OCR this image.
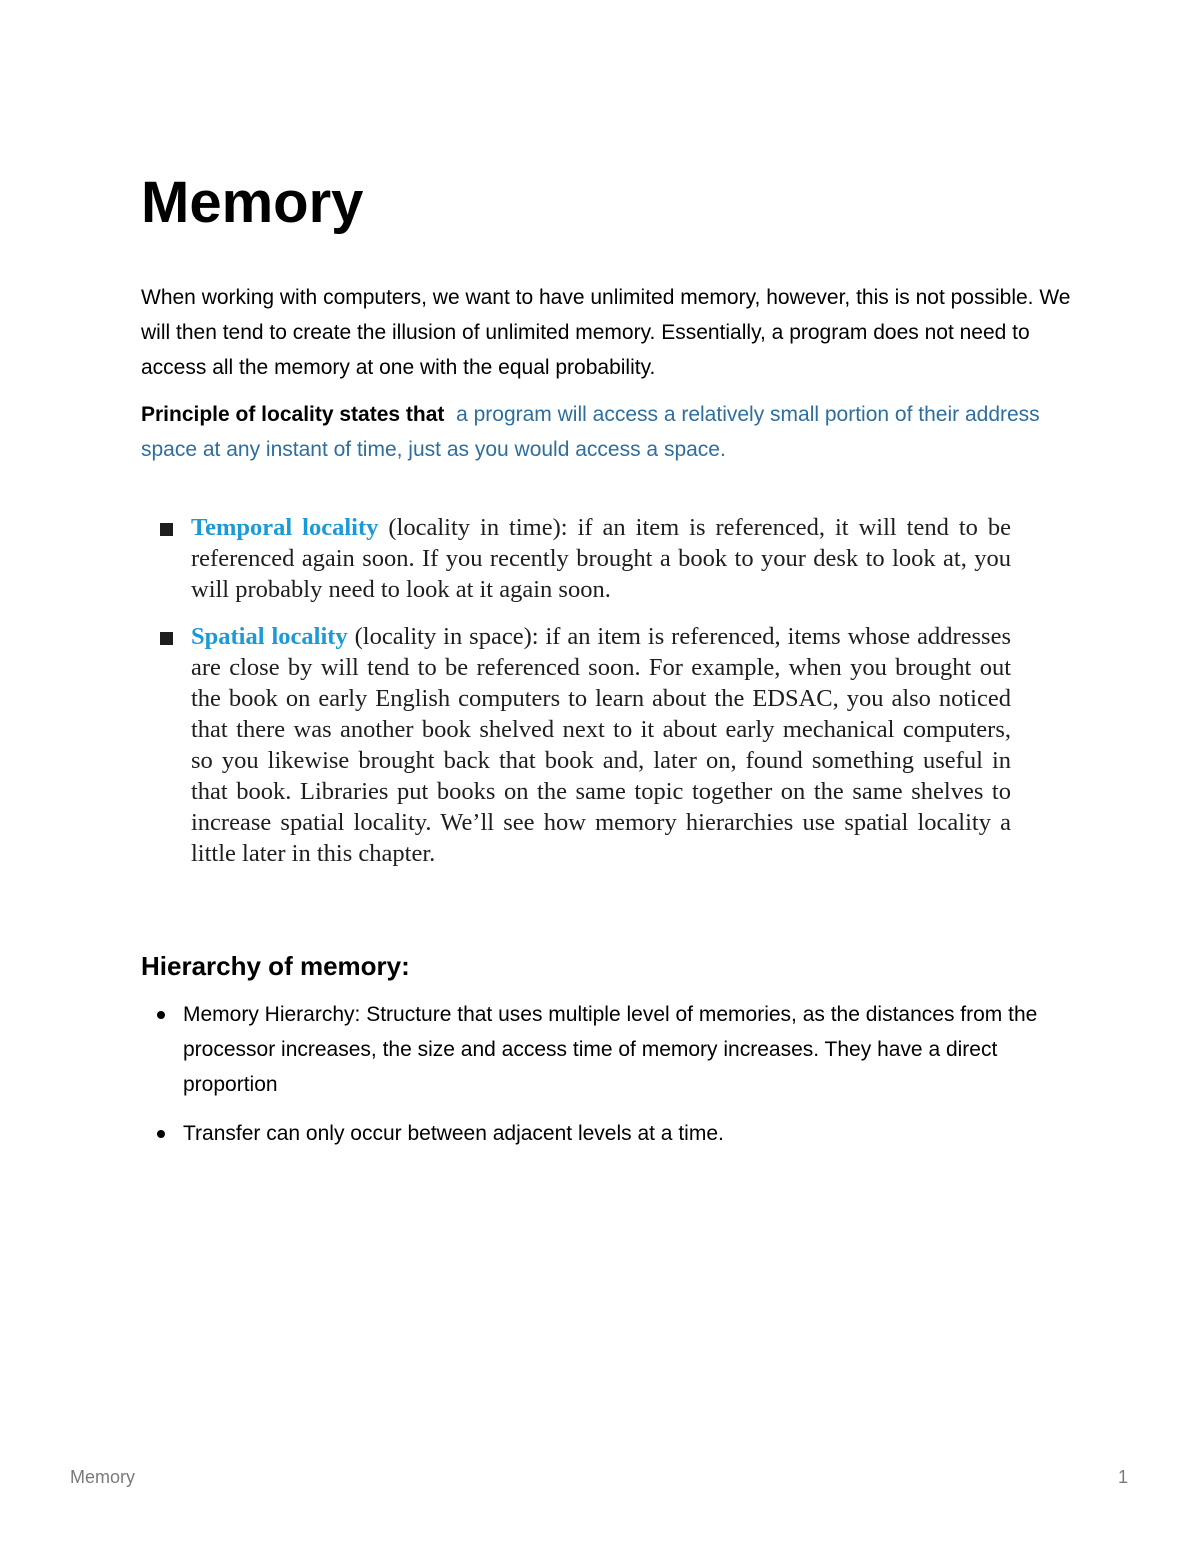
Memory

When working with computers, we want to have unlimited memory, however, this is not possible. We will then tend to create the illusion of unlimited memory. Essentially, a program does not need to access all the memory at one with the equal probability.

Principle of locality states that a program will access a relatively small portion of their address space at any instant of time, just as you would access a space.

Temporal locality (locality in time): if an item is referenced, it will tend to be referenced again soon. If you recently brought a book to your desk to look at, you will probably need to look at it again soon.
Spatial locality (locality in space): if an item is referenced, items whose addresses are close by will tend to be referenced soon. For example, when you brought out the book on early English computers to learn about the EDSAC, you also noticed that there was another book shelved next to it about early mechanical computers, so you likewise brought back that book and, later on, found something useful in that book. Libraries put books on the same topic together on the same shelves to increase spatial locality. We’ll see how memory hierarchies use spatial locality a little later in this chapter.
Hierarchy of memory:
Memory Hierarchy: Structure that uses multiple level of memories, as the distances from the processor increases, the size and access time of memory increases. They have a direct proportion
Transfer can only occur between adjacent levels at a time.
Memory	1
